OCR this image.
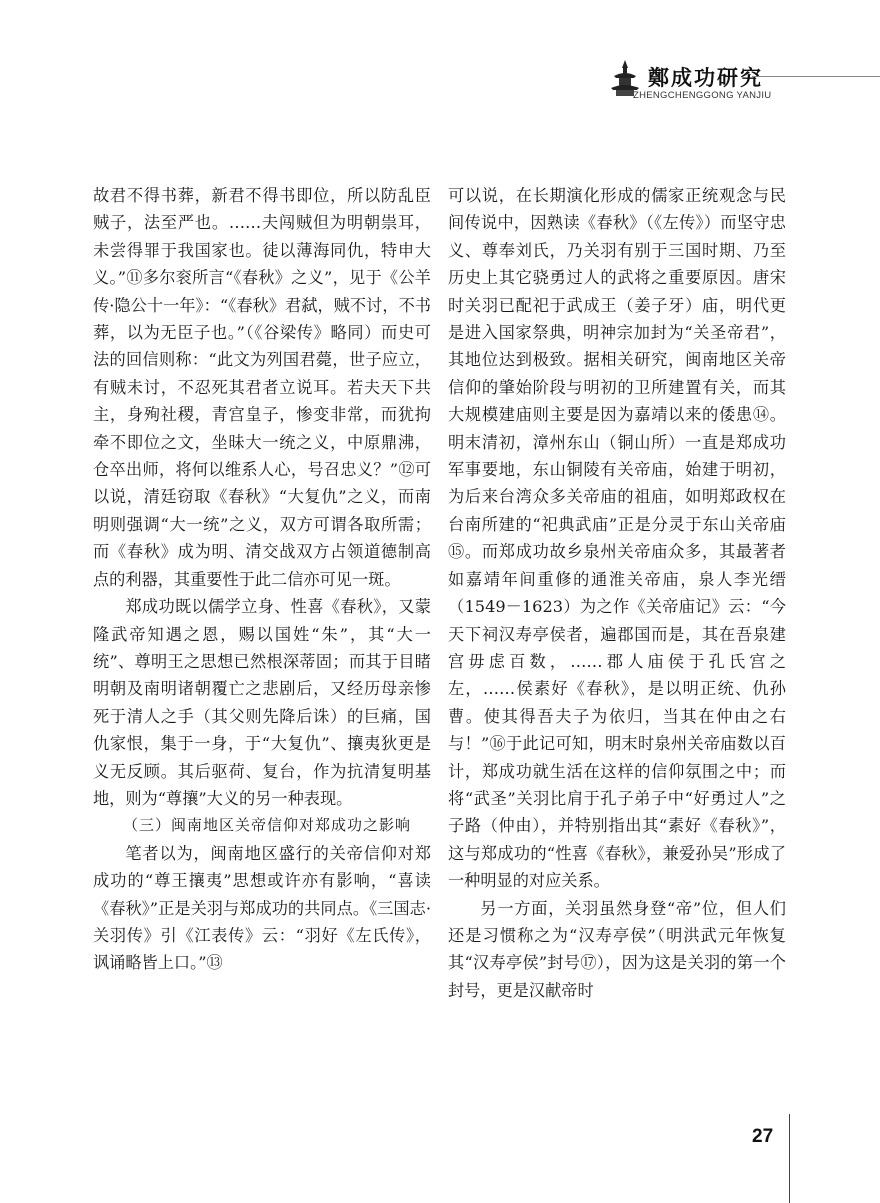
鄭成功研究
ZHENGCHENGGONG YANJIU

故君不得书葬，新君不得书即位，所以防乱臣贼子，法至严也。……夫闯贼但为明朝祟耳，未尝得罪于我国家也。徒以薄海同仇，特申大义。”⑪多尔衮所言“《春秋》之义”，见于《公羊传·隐公十一年》：“《春秋》君弑，贼不讨，不书葬，以为无臣子也。”（《谷梁传》略同）而史可法的回信则称：“此文为列国君薨，世子应立，有贼未讨，不忍死其君者立说耳。若夫天下共主，身殉社稷，青宫皇子，惨变非常，而犹拘牵不即位之文，坐昧大一统之义，中原鼎沸，仓卒出师，将何以维系人心，号召忠义？”⑫可以说，清廷窃取《春秋》“大复仇”之义，而南明则强调“大一统”之义，双方可谓各取所需；而《春秋》成为明、清交战双方占领道德制高点的利器，其重要性于此二信亦可见一斑。

郑成功既以儒学立身、性喜《春秋》，又蒙隆武帝知遇之恩，赐以国姓“朱”，其“大一统”、尊明王之思想已然根深蒂固；而其于目睹明朝及南明诸朝覆亡之悲剧后，又经历母亲惨死于清人之手（其父则先降后诛）的巨痛，国仇家恨，集于一身，于“大复仇”、攘夷狄更是义无反顾。其后驱荷、复台，作为抗清复明基地，则为“尊攘”大义的另一种表现。

（三）闽南地区关帝信仰对郑成功之影响

笔者以为，闽南地区盛行的关帝信仰对郑成功的“尊王攘夷”思想或许亦有影响，“喜读《春秋》”正是关羽与郑成功的共同点。《三国志·关羽传》引《江表传》云：“羽好《左氏传》，讽诵略皆上口。”⑬

可以说，在长期演化形成的儒家正统观念与民间传说中，因熟读《春秋》（《左传》）而坚守忠义、尊奉刘氏，乃关羽有别于三国时期、乃至历史上其它骁勇过人的武将之重要原因。唐宋时关羽已配祀于武成王（姜子牙）庙，明代更是进入国家祭典，明神宗加封为“关圣帝君”，其地位达到极致。据相关研究，闽南地区关帝信仰的肇始阶段与明初的卫所建置有关，而其大规模建庙则主要是因为嘉靖以来的倭患⑭。明末清初，漳州东山（铜山所）一直是郑成功军事要地，东山铜陵有关帝庙，始建于明初，为后来台湾众多关帝庙的祖庙，如明郑政权在台南所建的“祀典武庙”正是分灵于东山关帝庙⑮。而郑成功故乡泉州关帝庙众多，其最著者如嘉靖年间重修的通淮关帝庙，泉人李光缙（1549－1623）为之作《关帝庙记》云：“今天下祠汉寿亭侯者，遍郡国而是，其在吾泉建宫毋虑百数，……郡人庙侯于孔氏宫之左，……侯素好《春秋》，是以明正统、仇孙曹。使其得吾夫子为依归，当其在仲由之右与！”⑯于此记可知，明末时泉州关帝庙数以百计，郑成功就生活在这样的信仰氛围之中；而将“武圣”关羽比肩于孔子弟子中“好勇过人”之子路（仲由），并特别指出其“素好《春秋》”，这与郑成功的“性喜《春秋》，兼爱孙吴”形成了一种明显的对应关系。

另一方面，关羽虽然身登“帝”位，但人们还是习惯称之为“汉寿亭侯”（明洪武元年恢复其“汉寿亭侯”封号⑰），因为这是关羽的第一个封号，更是汉献帝时

27
